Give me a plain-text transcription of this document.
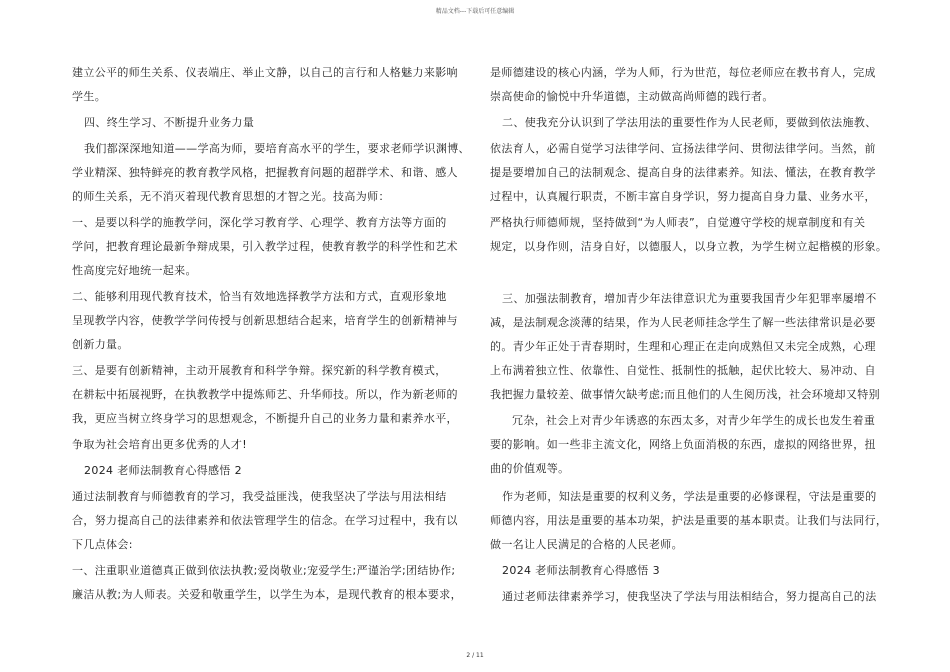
精品文档---下载后可任意编辑
建立公平的师生关系、仪表端庄、举止文静，以自己的言行和人格魅力来影响
学生。
四、终生学习、不断提升业务力量
我们都深深地知道——学高为师，要培育高水平的学生，要求老师学识渊博、
学业精深、独特鲜亮的教育教学风格，把握教育问题的超群学术、和谐、感人
的师生关系，无不消灭着现代教育思想的才智之光。技高为师：
一、是要以科学的施教学问，深化学习教育学、心理学、教育方法等方面的
学问，把教育理论最新争辩成果，引入教学过程，使教育教学的科学性和艺术
性高度完好地统一起来。
二、能够利用现代教育技术，恰当有效地选择教学方法和方式，直观形象地
呈现教学内容，使教学学问传授与创新思想结合起来，培育学生的创新精神与
创新力量。
三、是要有创新精神，主动开展教育和科学争辩。探究新的科学教育模式，
在耕耘中拓展视野，在执教教学中提炼师艺、升华师技。所以，作为新老师的
我，更应当树立终身学习的思想观念，不断提升自己的业务力量和素养水平，
争取为社会培育出更多优秀的人才!
2024 老师法制教育心得感悟 2
通过法制教育与师德教育的学习，我受益匪浅，使我坚决了学法与用法相结
合，努力提高自己的法律素养和依法管理学生的信念。在学习过程中，我有以
下几点体会:
一、注重职业道德真正做到依法执教;爱岗敬业;宠爱学生;严谨治学;团结协作;
廉洁从教;为人师表。关爱和敬重学生，以学生为本，是现代教育的根本要求，
是师德建设的核心内涵，学为人师，行为世范，每位老师应在教书育人，完成
崇高使命的愉悦中升华道德，主动做高尚师德的践行者。
二、使我充分认识到了学法用法的重要性作为人民老师，要做到依法施教、
依法育人，必需自觉学习法律学问、宣扬法律学问、贯彻法律学问。当然，前
提是要增加自己的法制观念、提高自身的法律素养。知法、懂法，在教育教学
过程中，认真履行职责，不断丰富自身学识，努力提高自身力量、业务水平，
严格执行师德师规，坚持做到“为人师表”，自觉遵守学校的规章制度和有关
规定，以身作则，洁身自好，以德服人，以身立教，为学生树立起楷模的形象。
三、加强法制教育，增加青少年法律意识尤为重要我国青少年犯罪率屡增不
减，是法制观念淡薄的结果，作为人民老师挂念学生了解一些法律常识是必要
的。青少年正处于青春期时，生理和心理正在走向成熟但又未完全成熟，心理
上布满着独立性、依靠性、自觉性、抵制性的抵触，起伏比较大、易冲动、自
我把握力量较差、做事情欠缺考虑;而且他们的人生阅历浅，社会环境却又特别
冗杂，社会上对青少年诱惑的东西太多，对青少年学生的成长也发生着重
要的影响。如一些非主流文化，网络上负面消极的东西，虚拟的网络世界，扭
曲的价值观等。
作为老师，知法是重要的权利义务，学法是重要的必修课程，守法是重要的
师德内容，用法是重要的基本功架，护法是重要的基本职责。让我们与法同行，
做一名让人民满足的合格的人民老师。
2024 老师法制教育心得感悟 3
通过老师法律素养学习，使我坚决了学法与用法相结合，努力提高自己的法
2 / 11
